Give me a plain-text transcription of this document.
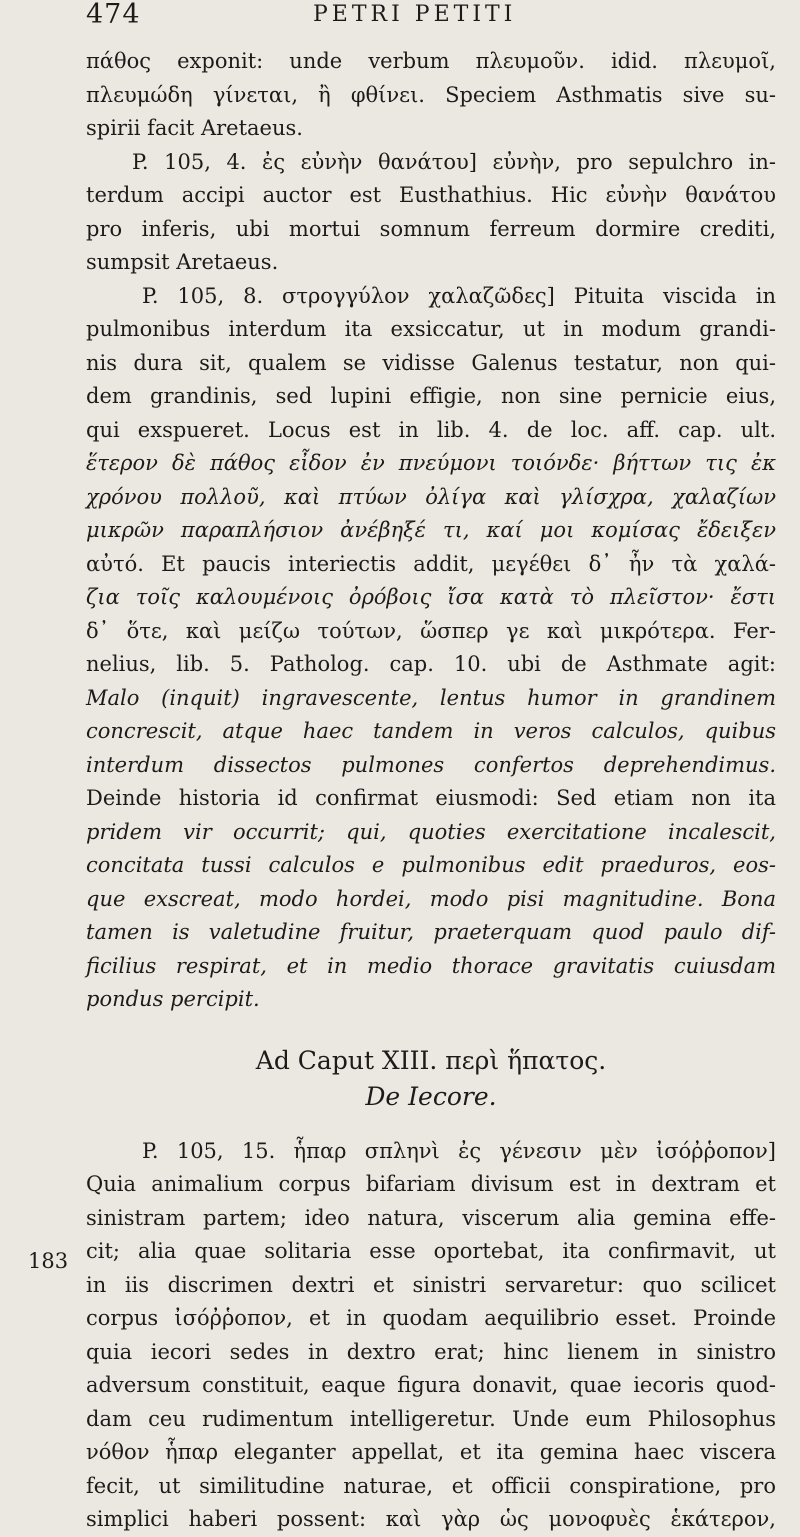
474	PETRI PETITI
183
πάθος exponit: unde verbum πλευμοῦν. idid. πλευμοῖ,
πλευμώδη γίνεται, ἢ φθίνει. Speciem Asthmatis sive su-
spirii facit Aretaeus.
P. 105, 4. ἐς εὐνὴν θανάτου] εὐνὴν, pro sepulchro in-
terdum accipi auctor est Eusthathius. Hic εὐνὴν θανάτου
pro inferis, ubi mortui somnum ferreum dormire crediti,
sumpsit Aretaeus.
P. 105, 8. στρογγύλον χαλαζῶδες] Pituita viscida in
pulmonibus interdum ita exsiccatur, ut in modum grandi-
nis dura sit, qualem se vidisse Galenus testatur, non qui-
dem grandinis, sed lupini effigie, non sine pernicie eius,
qui exspueret. Locus est in lib. 4. de loc. aff. cap. ult.
ἕτερον δὲ πάθος εἶδον ἐν πνεύμονι τοιόνδε· βήττων τις ἐκ
χρόνου πολλοῦ, καὶ πτύων ὀλίγα καὶ γλίσχρα, χαλαζίων
μικρῶν παραπλήσιον ἀνέβηξέ τι, καί μοι κομίσας ἔδειξεν
αὐτό. Et paucis interiectis addit, μεγέθει δ᾽ ἦν τὰ χαλά-
ζια τοῖς καλουμένοις ὀρόβοις ἴσα κατὰ τὸ πλεῖστον· ἔστι
δ᾽ ὅτε, καὶ μείζω τούτων, ὥσπερ γε καὶ μικρότερα. Fer-
nelius, lib. 5. Patholog. cap. 10. ubi de Asthmate agit:
Malo (inquit) ingravescente, lentus humor in grandinem
concrescit, atque haec tandem in veros calculos, quibus
interdum dissectos pulmones confertos deprehendimus.
Deinde historia id confirmat eiusmodi: Sed etiam non ita
pridem vir occurrit; qui, quoties exercitatione incalescit,
concitata tussi calculos e pulmonibus edit praeduros, eos-
que exscreat, modo hordei, modo pisi magnitudine. Bona
tamen is valetudine fruitur, praeterquam quod paulo dif-
ficilius respirat, et in medio thorace gravitatis cuiusdam
pondus percipit.
Ad Caput XIII. περὶ ἥπατος.
De Iecore.
P. 105, 15. ἧπαρ σπληνὶ ἐς γένεσιν μὲν ἰσόῤῥοπον]
Quia animalium corpus bifariam divisum est in dextram et
sinistram partem; ideo natura, viscerum alia gemina effe-
cit; alia quae solitaria esse oportebat, ita confirmavit, ut
in iis discrimen dextri et sinistri servaretur: quo scilicet
corpus ἰσόῤῥοπον, et in quodam aequilibrio esset. Proinde
quia iecori sedes in dextro erat; hinc lienem in sinistro
adversum constituit, eaque figura donavit, quae iecoris quod-
dam ceu rudimentum intelligeretur. Unde eum Philosophus
νόθον ἧπαρ eleganter appellat, et ita gemina haec viscera
fecit, ut similitudine naturae, et officii conspiratione, pro
simplici haberi possent: καὶ γὰρ ὡς μονοφυὲς ἑκάτερον,
